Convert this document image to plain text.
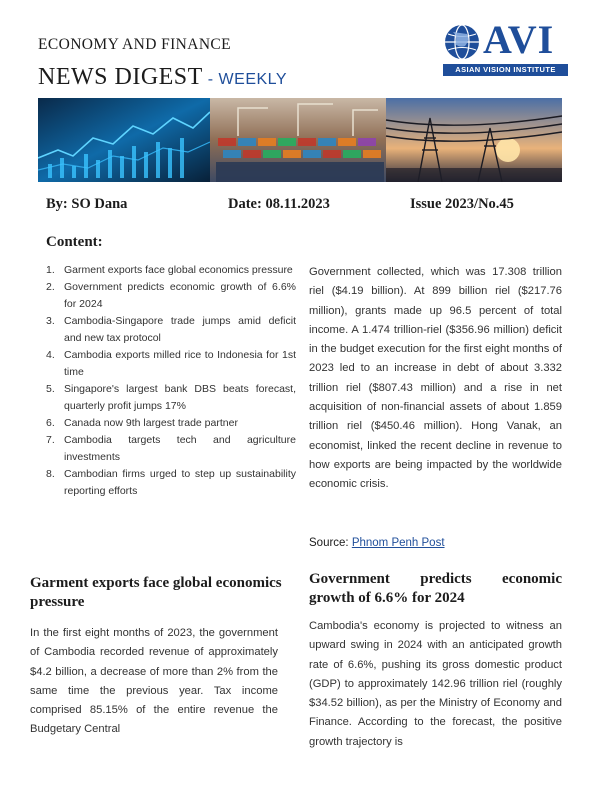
ECONOMY AND FINANCE
NEWS DIGEST - WEEKLY
AVI
ASIAN VISION INSTITUTE
By: SO Dana	Date: 08.11.2023	Issue 2023/No.45
Content:
1. Garment exports face global economics pressure
2. Government predicts economic growth of 6.6% for 2024
3. Cambodia-Singapore trade jumps amid deficit and new tax protocol
4. Cambodia exports milled rice to Indonesia for 1st time
5. Singapore's largest bank DBS beats forecast, quarterly profit jumps 17%
6. Canada now 9th largest trade partner
7. Cambodia targets tech and agriculture investments
8. Cambodian firms urged to step up sustainability reporting efforts
Garment exports face global economics pressure

In the first eight months of 2023, the government of Cambodia recorded revenue of approximately $4.2 billion, a decrease of more than 2% from the same time the previous year. Tax income comprised 85.15% of the entire revenue the Budgetary Central

Government collected, which was 17.308 trillion riel ($4.19 billion). At 899 billion riel ($217.76 million), grants made up 96.5 percent of total income. A 1.474 trillion-riel ($356.96 million) deficit in the budget execution for the first eight months of 2023 led to an increase in debt of about 3.332 trillion riel ($807.43 million) and a rise in net acquisition of non-financial assets of about 1.859 trillion riel ($450.46 million). Hong Vanak, an economist, linked the recent decline in revenue to how exports are being impacted by the worldwide economic crisis.

Source: Phnom Penh Post
Government predicts economic
growth of 6.6% for 2024

Cambodia's economy is projected to witness an upward swing in 2024 with an anticipated growth rate of 6.6%, pushing its gross domestic product (GDP) to approximately 142.96 trillion riel (roughly $34.52 billion), as per the Ministry of Economy and Finance. According to the forecast, the positive growth trajectory is
